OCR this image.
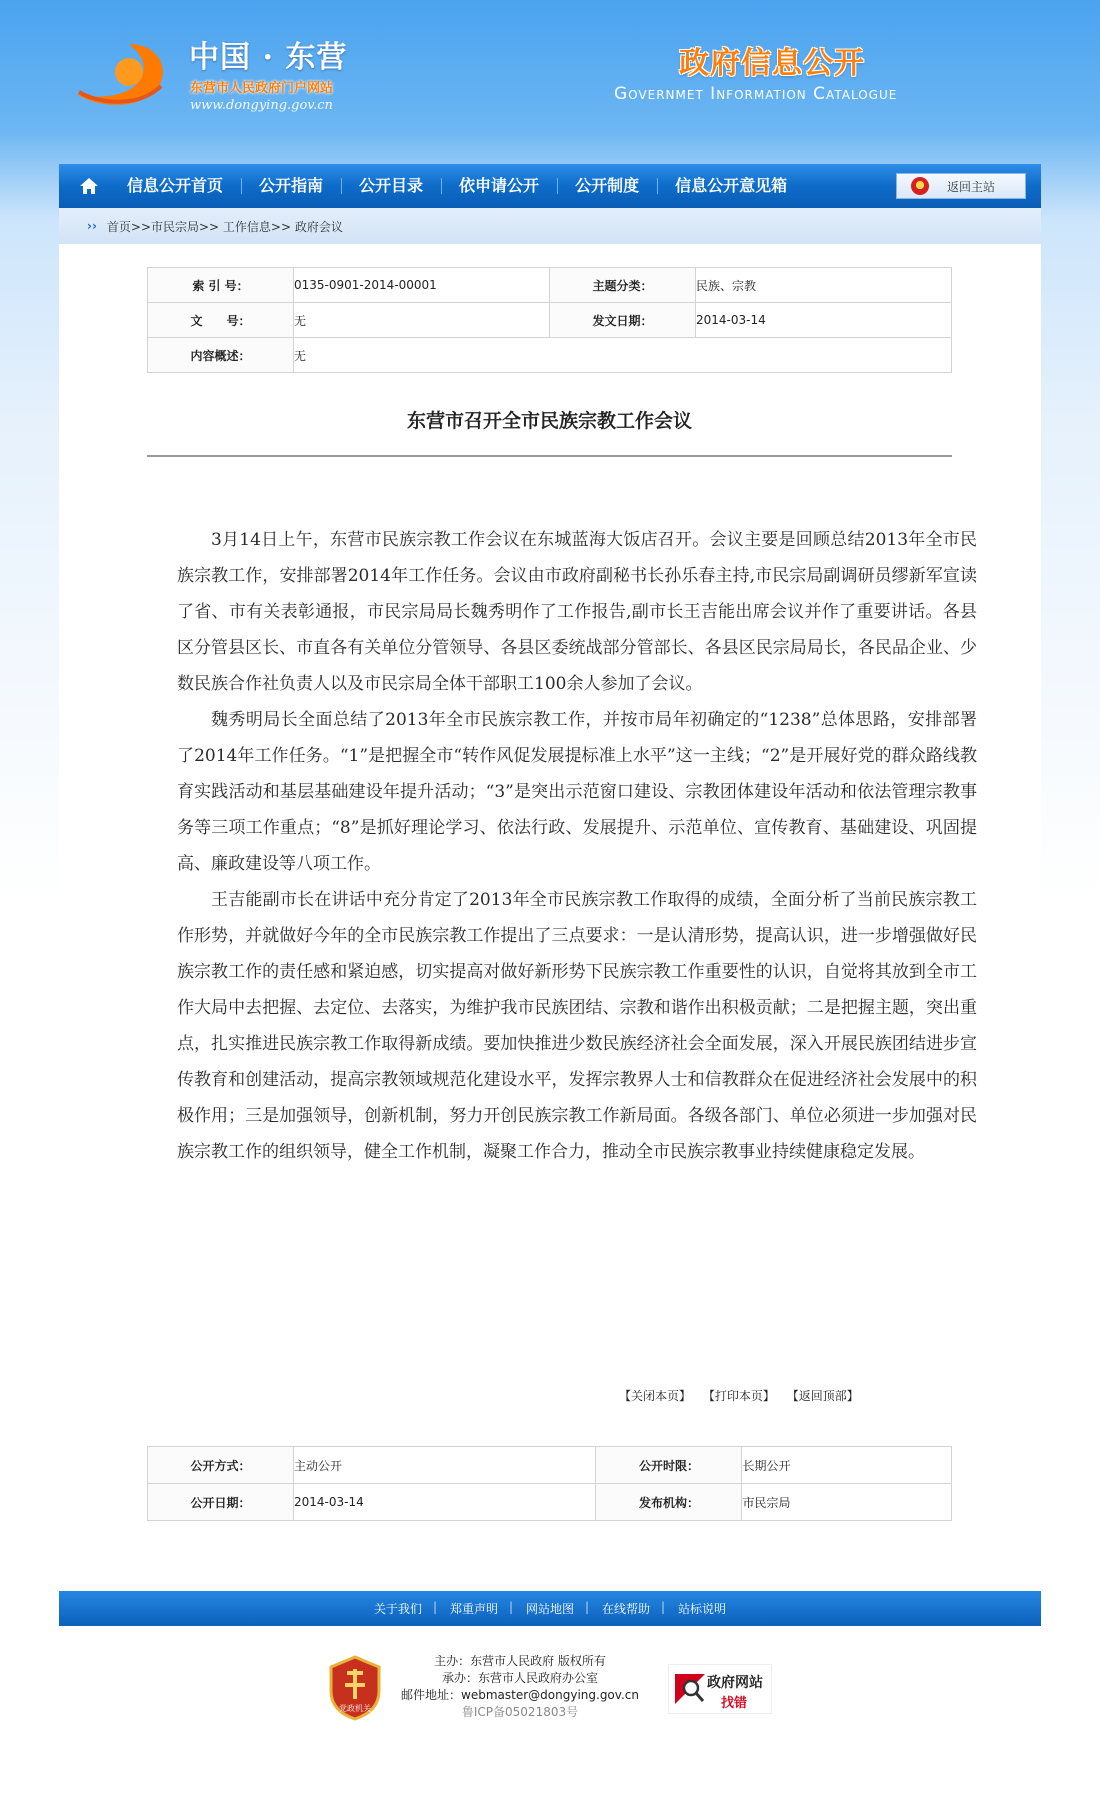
中国 · 东营
东营市人民政府门户网站
www.dongying.gov.cn
政府信息公开
Governmet Information Catalogue
信息公开首页	公开指南	公开目录	依申请公开	公开制度	信息公开意见箱	返回主站
›› 首页>>市民宗局>> 工作信息>> 政府会议
索 引 号：	0135-0901-2014-00001	主题分类：	民族、宗教
文　　号：	无	发文日期：	2014-03-14
内容概述：	无		
东营市召开全市民族宗教工作会议

3月14日上午，东营市民族宗教工作会议在东城蓝海大饭店召开。会议主要是回顾总结2013年全市民族宗教工作，安排部署2014年工作任务。会议由市政府副秘书长孙乐春主持,市民宗局副调研员缪新军宣读了省、市有关表彰通报，市民宗局局长魏秀明作了工作报告,副市长王吉能出席会议并作了重要讲话。各县区分管县区长、市直各有关单位分管领导、各县区委统战部分管部长、各县区民宗局局长，各民品企业、少数民族合作社负责人以及市民宗局全体干部职工100余人参加了会议。

魏秀明局长全面总结了2013年全市民族宗教工作，并按市局年初确定的“1238”总体思路，安排部署了2014年工作任务。“1”是把握全市“转作风促发展提标准上水平”这一主线；“2”是开展好党的群众路线教育实践活动和基层基础建设年提升活动；“3”是突出示范窗口建设、宗教团体建设年活动和依法管理宗教事务等三项工作重点；“8”是抓好理论学习、依法行政、发展提升、示范单位、宣传教育、基础建设、巩固提高、廉政建设等八项工作。

王吉能副市长在讲话中充分肯定了2013年全市民族宗教工作取得的成绩，全面分析了当前民族宗教工作形势，并就做好今年的全市民族宗教工作提出了三点要求：一是认清形势，提高认识，进一步增强做好民族宗教工作的责任感和紧迫感，切实提高对做好新形势下民族宗教工作重要性的认识，自觉将其放到全市工作大局中去把握、去定位、去落实，为维护我市民族团结、宗教和谐作出积极贡献；二是把握主题，突出重点，扎实推进民族宗教工作取得新成绩。要加快推进少数民族经济社会全面发展，深入开展民族团结进步宣传教育和创建活动，提高宗教领域规范化建设水平，发挥宗教界人士和信教群众在促进经济社会发展中的积极作用；三是加强领导，创新机制，努力开创民族宗教工作新局面。各级各部门、单位必须进一步加强对民族宗教工作的组织领导，健全工作机制，凝聚工作合力，推动全市民族宗教事业持续健康稳定发展。

【关闭本页】 【打印本页】 【返回顶部】
公开方式：	主动公开	公开时限：	长期公开
公开日期：	2014-03-14	发布机构：	市民宗局
关于我们	| 郑重声明	| 网站地图	| 在线帮助	| 站标说明
党政机关
主办：东营市人民政府 版权所有
承办：东营市人民政府办公室
邮件地址：webmaster@dongying.gov.cn
鲁ICP备05021803号
政府网站
找错
